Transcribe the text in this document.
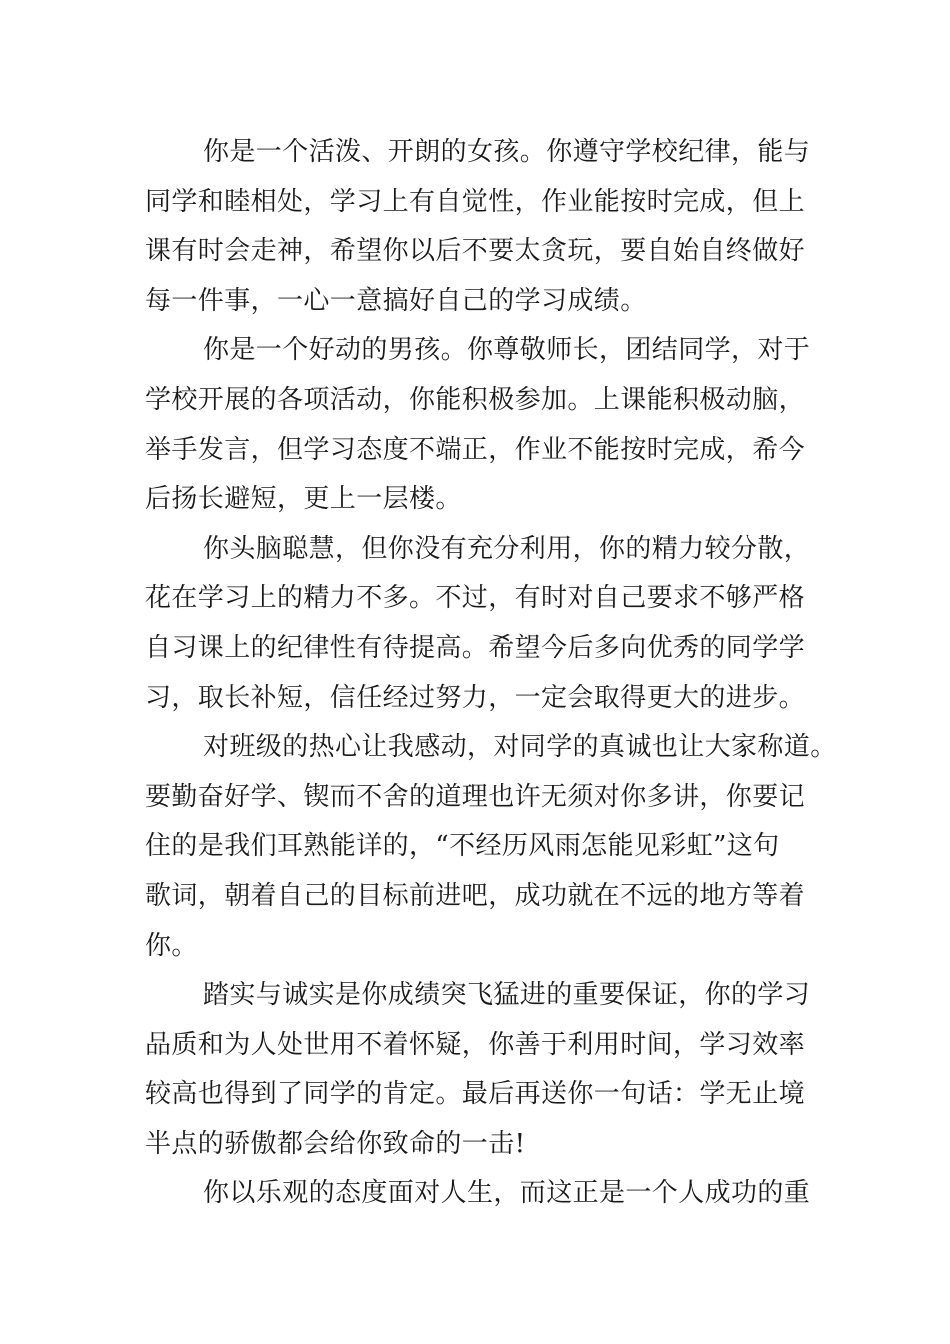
你是一个活泼、开朗的女孩。你遵守学校纪律，能与
同学和睦相处，学习上有自觉性，作业能按时完成，但上
课有时会走神，希望你以后不要太贪玩，要自始自终做好
每一件事，一心一意搞好自己的学习成绩。
你是一个好动的男孩。你尊敬师长，团结同学，对于
学校开展的各项活动，你能积极参加。上课能积极动脑，
举手发言，但学习态度不端正，作业不能按时完成，希今
后扬长避短，更上一层楼。
你头脑聪慧，但你没有充分利用，你的精力较分散，
花在学习上的精力不多。不过，有时对自己要求不够严格
自习课上的纪律性有待提高。希望今后多向优秀的同学学
习，取长补短，信任经过努力，一定会取得更大的进步。
对班级的热心让我感动，对同学的真诚也让大家称道。
要勤奋好学、锲而不舍的道理也许无须对你多讲，你要记
住的是我们耳熟能详的，“不经历风雨怎能见彩虹”这句
歌词，朝着自己的目标前进吧，成功就在不远的地方等着
你。
踏实与诚实是你成绩突飞猛进的重要保证，你的学习
品质和为人处世用不着怀疑，你善于利用时间，学习效率
较高也得到了同学的肯定。最后再送你一句话：学无止境
半点的骄傲都会给你致命的一击!
你以乐观的态度面对人生，而这正是一个人成功的重
